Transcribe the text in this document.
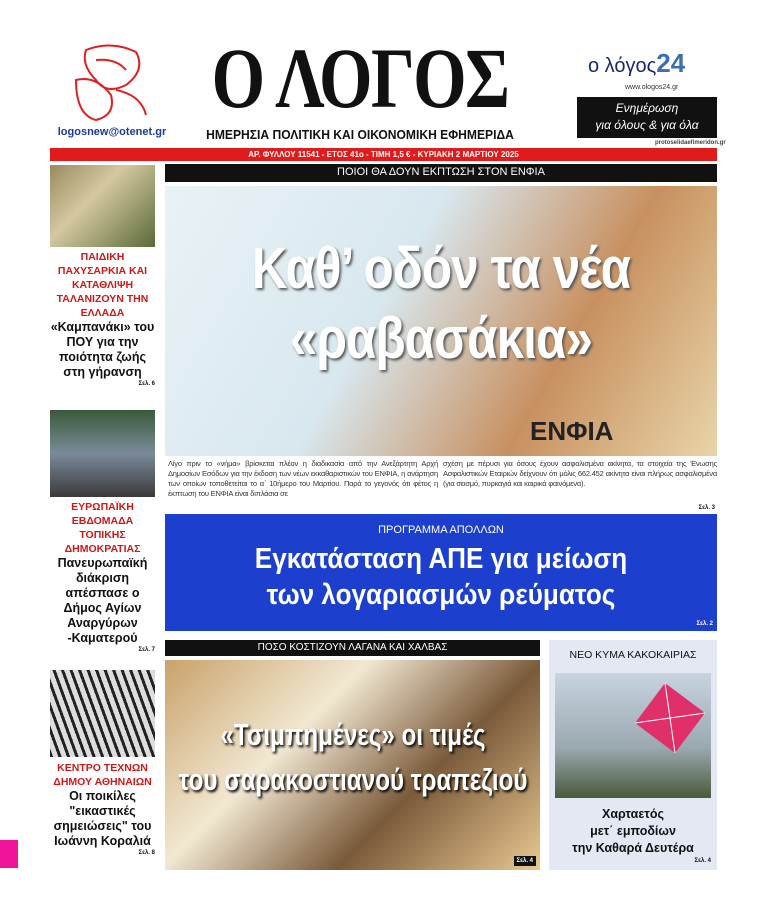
logosnew@otenet.gr
Ο ΛΟΓΟΣ
ΗΜΕΡΗΣΙΑ ΠΟΛΙΤΙΚΗ ΚΑΙ ΟΙΚΟΝΟΜΙΚΗ ΕΦΗΜΕΡΙΔΑ
ο λόγος24
www.ologos24.gr
Ενημέρωση
για όλους & για όλα
protoselidaefimeridon.gr
ΑΡ. ΦΥΛΛΟΥ 11541 - ΕΤΟΣ 41ο - ΤΙΜΗ 1,5 € - ΚΥΡΙΑΚΗ 2 ΜΑΡΤΙΟΥ 2025
ΠΑΙΔΙΚΗ ΠΑΧΥΣΑΡΚΙΑ ΚΑΙ ΚΑΤΑΘΛΙΨΗ ΤΑΛΑΝΙΖΟΥΝ ΤΗΝ ΕΛΛΑΔΑ
«Καμπανάκι» του ΠΟΥ για την ποιότητα ζωής στη γήρανση
Σελ. 6
ΕΥΡΩΠΑΪΚΗ ΕΒΔΟΜΑΔΑ ΤΟΠΙΚΗΣ ΔΗΜΟΚΡΑΤΙΑΣ
Πανευρωπαϊκή διάκριση απέσπασε ο Δήμος Αγίων Αναργύρων -Καματερού
Σελ. 7
ΚΕΝΤΡΟ ΤΕΧΝΩΝ ΔΗΜΟΥ ΑΘΗΝΑΙΩΝ
Οι ποικίλες "εικαστικές σημειώσεις" του Ιωάννη Κοραλιά
Σελ. 8
ΠΟΙΟΙ ΘΑ ΔΟΥΝ ΕΚΠΤΩΣΗ ΣΤΟΝ ΕΝΦΙΑ
ΕΝΦΙΑ
Καθ’ οδόν τα νέα
«ραβασάκια»
Λίγο πριν το «νήμα» βρίσκεται πλέον η διαδικασία από την Ανεξάρτητη Αρχή Δημοσίων Εσόδων για την έκδοση των νέων εκκαθαριστικών του ΕΝΦΙΑ, η ανάρτηση των οποίων τοποθετείται το α΄ 10ήμερο του Μαρτίου. Παρά το γεγονός ότι φέτος η έκπτωση του ΕΝΦΙΑ είναι διπλάσια σε
σχέση με πέρυσι για όσους έχουν ασφαλισμένα ακίνητα, τα στοιχεία της Ένωσης Ασφαλιστικών Εταιριών δείχνουν ότι μόλις 662.452 ακίνητα είναι πλήρως ασφαλισμένα (για σεισμό, πυρκαγιά και καιρικά φαινόμενα).
Σελ. 3
ΠΡΟΓΡΑΜΜΑ ΑΠΟΛΛΩΝ
Εγκατάσταση ΑΠΕ για μείωση
των λογαριασμών ρεύματος
Σελ. 2
ΠΟΣΟ ΚΟΣΤΙΖΟΥΝ ΛΑΓΑΝΑ ΚΑΙ ΧΑΛΒΑΣ
«Τσιμπημένες» οι τιμές
του σαρακοστιανού τραπεζιού
Σελ. 4
ΝΕΟ ΚΥΜΑ ΚΑΚΟΚΑΙΡΙΑΣ
Χαρταετός
μετ΄ εμποδίων
την Καθαρά Δευτέρα
Σελ. 4
